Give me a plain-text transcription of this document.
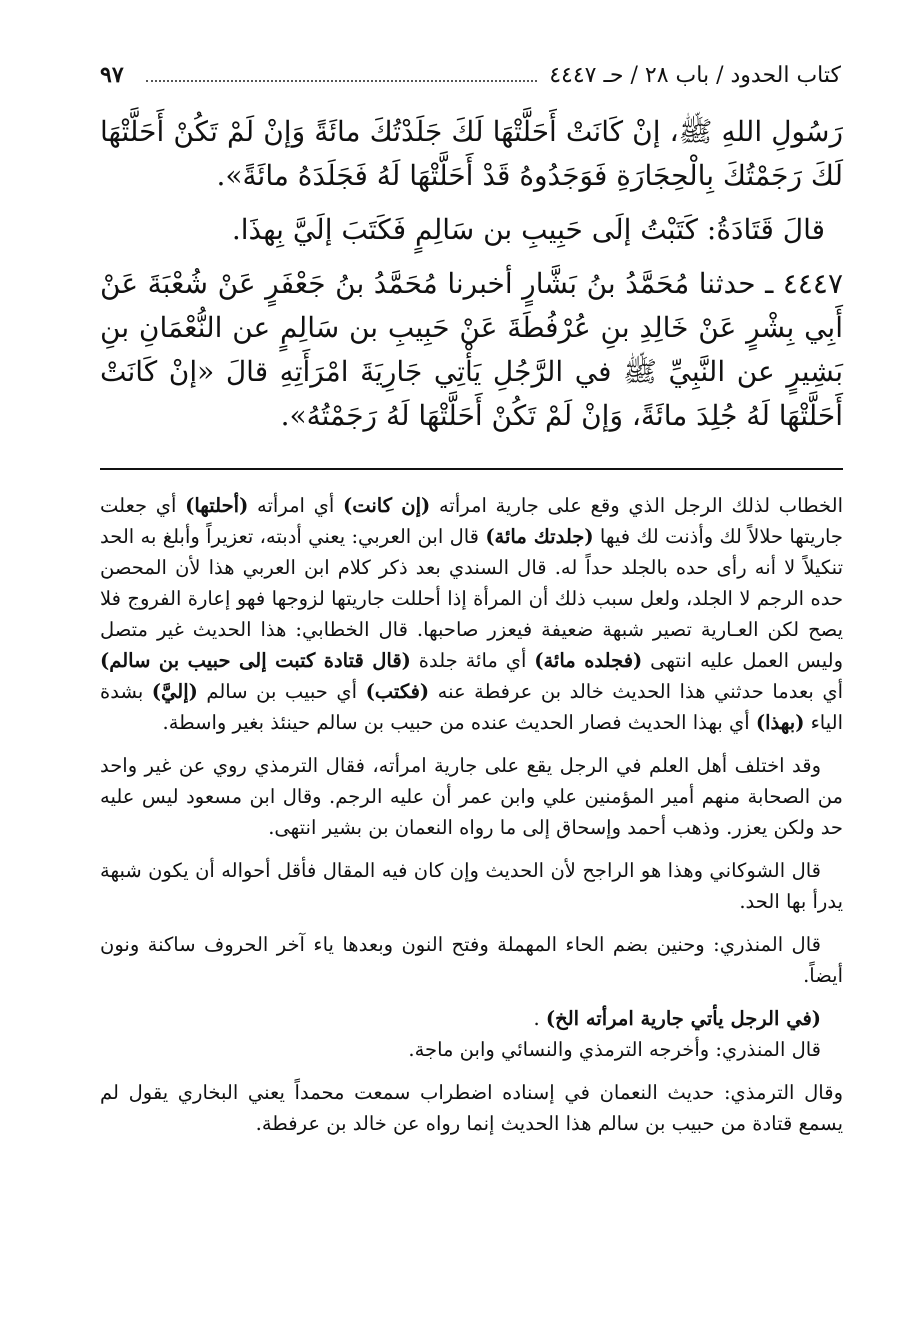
٩٧	كتاب الحدود / باب ٢٨ / حـ ٤٤٤٧

رَسُولِ اللهِ ﷺ، إنْ كَانَتْ أَحَلَّتْهَا لَكَ جَلَدْتُكَ مائَةً وَإنْ لَمْ تَكُنْ أَحَلَّتْهَا لَكَ رَجَمْتُكَ بِالْحِجَارَةِ فَوَجَدُوهُ قَدْ أَحَلَّتْهَا لَهُ فَجَلَدَهُ مائَةً».

قالَ قَتَادَةُ: كَتَبْتُ إلَى حَبِيبِ بن سَالِمٍ فَكَتَبَ إلَيَّ بِهذَا.

٤٤٤٧ ـ حدثنا مُحَمَّدُ بنُ بَشَّارٍ أخبرنا مُحَمَّدُ بنُ جَعْفَرٍ عَنْ شُعْبَةَ عَنْ أَبِي بِشْرٍ عَنْ خَالِدِ بنِ عُرْفُطَةَ عَنْ حَبِيبِ بن سَالِمٍ عن النُّعْمَانِ بنِ بَشِيرٍ عن النَّبِيِّ ﷺ في الرَّجُلِ يَأْتِي جَارِيَةَ امْرَأَتِهِ قالَ «إنْ كَانَتْ أَحَلَّتْهَا لَهُ جُلِدَ مائَةً، وَإنْ لَمْ تَكُنْ أَحَلَّتْهَا لَهُ رَجَمْتُهُ».

الخطاب لذلك الرجل الذي وقع على جارية امرأته (إن كانت) أي امرأته (أحلتها) أي جعلت جاريتها حلالاً لك وأذنت لك فيها (جلدتك مائة) قال ابن العربي: يعني أدبته، تعزيراً وأبلغ به الحد تنكيلاً لا أنه رأى حده بالجلد حداً له. قال السندي بعد ذكر كلام ابن العربي هذا لأن المحصن حده الرجم لا الجلد، ولعل سبب ذلك أن المرأة إذا أحللت جاريتها لزوجها فهو إعارة الفروج فلا يصح لكن العـارية تصير شبهة ضعيفة فيعزر صاحبها. قال الخطابي: هذا الحديث غير متصل وليس العمل عليه انتهى (فجلده مائة) أي مائة جلدة (قال قتادة كتبت إلى حبيب بن سالم) أي بعدما حدثني هذا الحديث خالد بن عرفطة عنه (فكتب) أي حبيب بن سالم (إليَّ) بشدة الياء (بهذا) أي بهذا الحديث فصار الحديث عنده من حبيب بن سالم حينئذ بغير واسطة.

وقد اختلف أهل العلم في الرجل يقع على جارية امرأته، فقال الترمذي روي عن غير واحد من الصحابة منهم أمير المؤمنين علي وابن عمر أن عليه الرجم. وقال ابن مسعود ليس عليه حد ولكن يعزر. وذهب أحمد وإسحاق إلى ما رواه النعمان بن بشير انتهى.

قال الشوكاني وهذا هو الراجح لأن الحديث وإن كان فيه المقال فأقل أحواله أن يكون شبهة يدرأ بها الحد.

قال المنذري: وحنين بضم الحاء المهملة وفتح النون وبعدها ياء آخر الحروف ساكنة ونون أيضاً.

(في الرجل يأتي جارية امرأته الخ) .

قال المنذري: وأخرجه الترمذي والنسائي وابن ماجة.

وقال الترمذي: حديث النعمان في إسناده اضطراب سمعت محمداً يعني البخاري يقول لم يسمع قتادة من حبيب بن سالم هذا الحديث إنما رواه عن خالد بن عرفطة.
